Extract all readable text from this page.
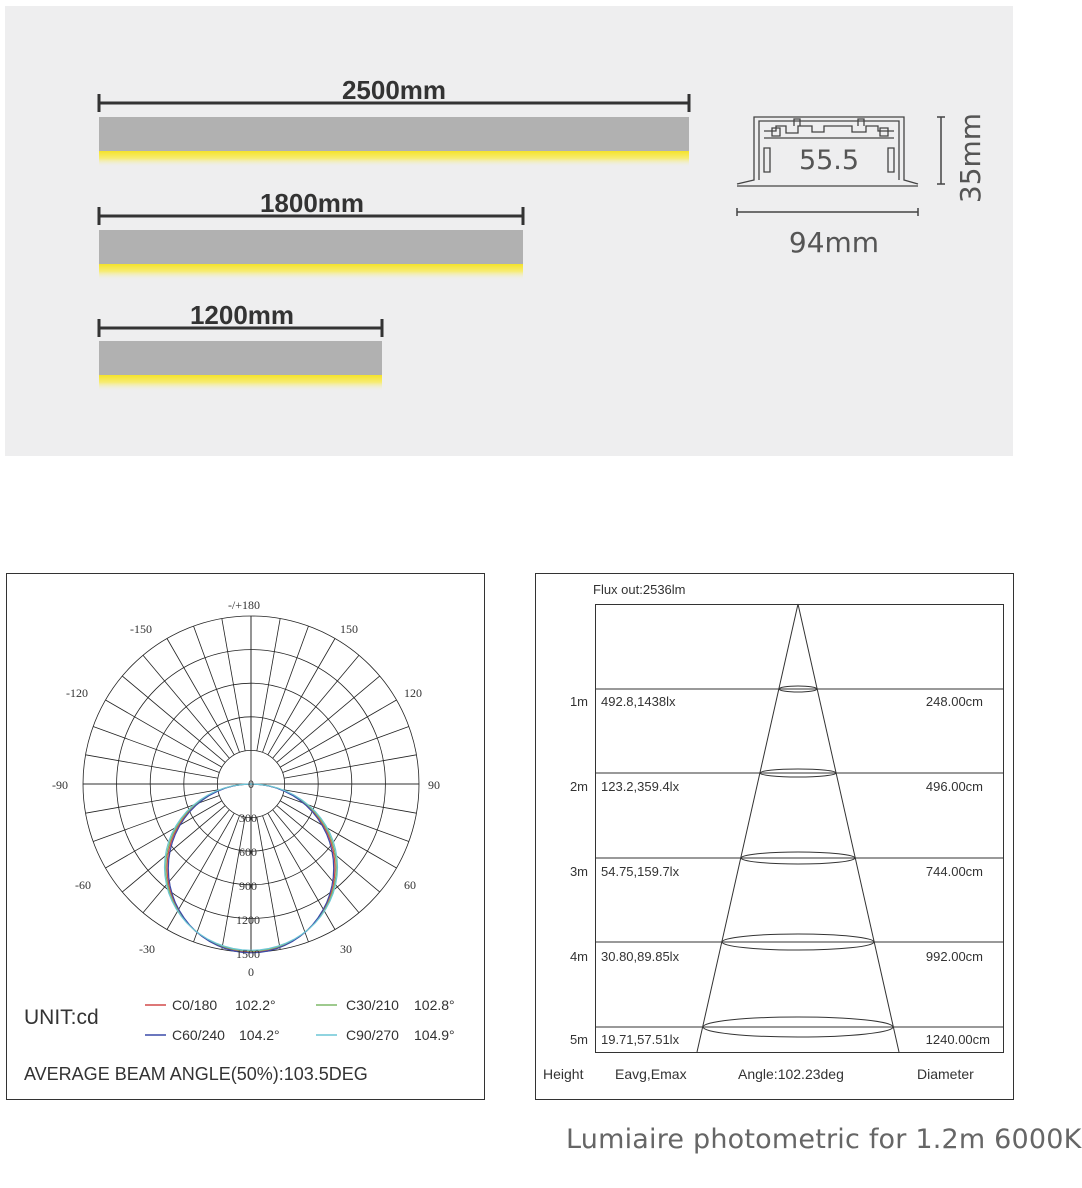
2500mm
1800mm
1200mm
55.5	35mm
94mm
-/+180
-150	150
-120	120
-90	90
-60	60
-30	30
0
0
300
600
900
1200
1500
UNIT:cd
C0/180 102.2°	C30/210 102.8°
C60/240 104.2°	C90/270 104.9°
AVERAGE BEAM ANGLE(50%):103.5DEG
Flux out:2536lm
1m 492.8,1438lx	248.00cm
2m 123.2,359.4lx	496.00cm
3m 54.75,159.7lx	744.00cm
4m 30.80,89.85lx	992.00cm
5m 19.71,57.51lx	1240.00cm
Height Eavg,Emax	Angle:102.23deg	Diameter
Lumiaire photometric for 1.2m 6000K
